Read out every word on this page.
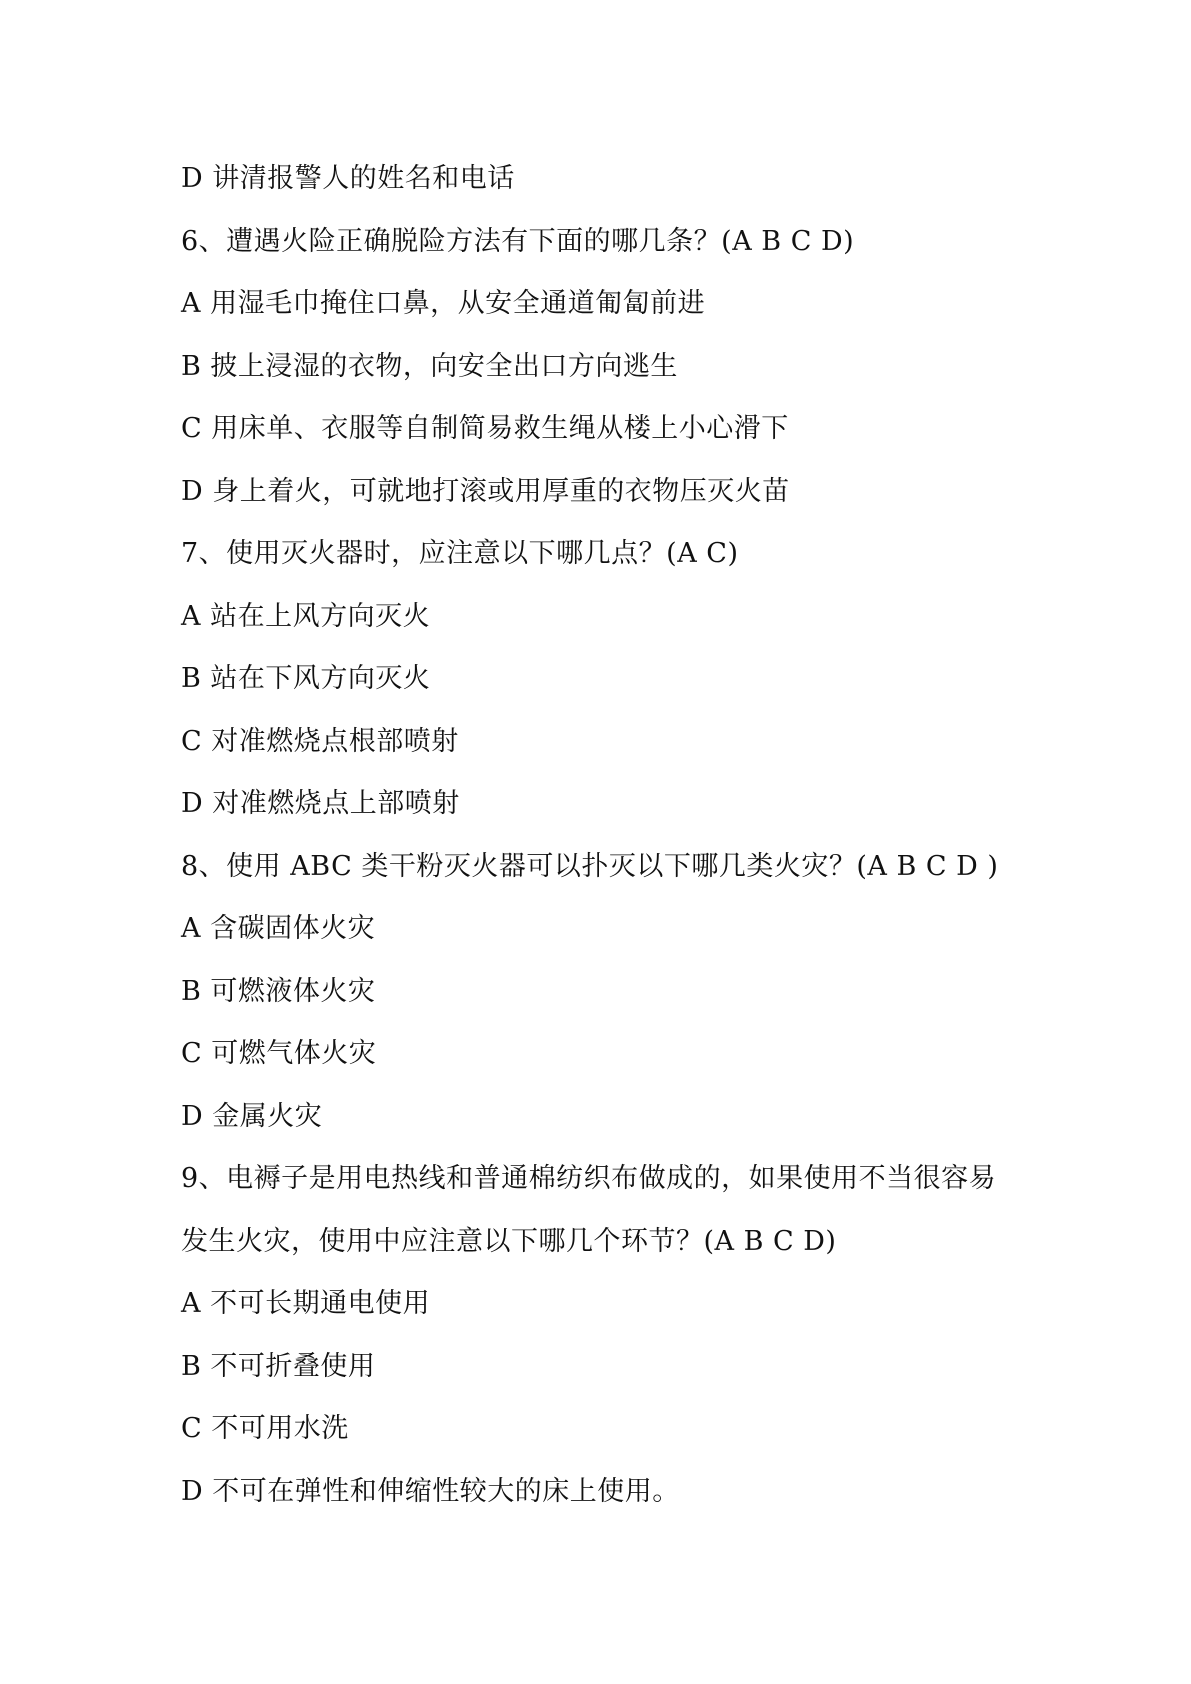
D 讲清报警人的姓名和电话
6、遭遇火险正确脱险方法有下面的哪几条？(A B C D)
A 用湿毛巾掩住口鼻，从安全通道匍匐前进
B 披上浸湿的衣物，向安全出口方向逃生
C 用床单、衣服等自制简易救生绳从楼上小心滑下
D 身上着火，可就地打滚或用厚重的衣物压灭火苗
7、使用灭火器时，应注意以下哪几点？(A C)
A 站在上风方向灭火
B 站在下风方向灭火
C 对准燃烧点根部喷射
D 对准燃烧点上部喷射
8、使用 ABC 类干粉灭火器可以扑灭以下哪几类火灾？(A B C D )
A 含碳固体火灾
B 可燃液体火灾
C 可燃气体火灾
D 金属火灾
9、电褥子是用电热线和普通棉纺织布做成的，如果使用不当很容易
发生火灾，使用中应注意以下哪几个环节？(A B C D)
A 不可长期通电使用
B 不可折叠使用
C 不可用水洗
D 不可在弹性和伸缩性较大的床上使用。
